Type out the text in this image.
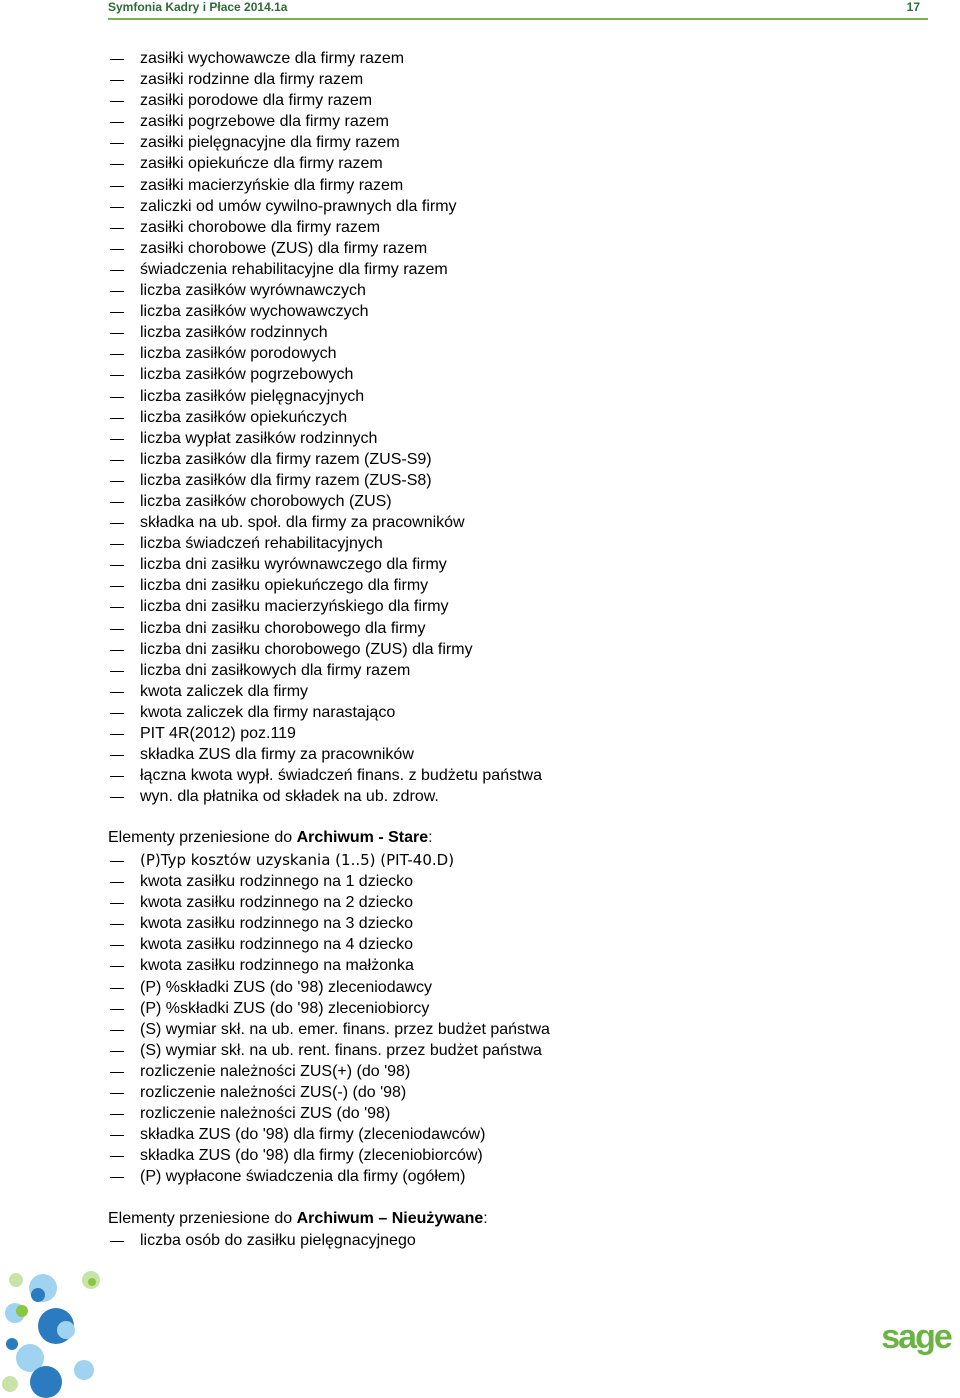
Symfonia Kadry i Płace 2014.1a	17
zasiłki wychowawcze dla firmy razem
zasiłki rodzinne dla firmy razem
zasiłki porodowe dla firmy razem
zasiłki pogrzebowe dla firmy razem
zasiłki pielęgnacyjne dla firmy razem
zasiłki opiekuńcze dla firmy razem
zasiłki macierzyńskie dla firmy razem
zaliczki od umów cywilno-prawnych dla firmy
zasiłki chorobowe dla firmy razem
zasiłki chorobowe (ZUS) dla firmy razem
świadczenia rehabilitacyjne dla firmy razem
liczba zasiłków wyrównawczych
liczba zasiłków wychowawczych
liczba zasiłków rodzinnych
liczba zasiłków porodowych
liczba zasiłków pogrzebowych
liczba zasiłków pielęgnacyjnych
liczba zasiłków opiekuńczych
liczba wypłat zasiłków rodzinnych
liczba zasiłków dla firmy razem (ZUS-S9)
liczba zasiłków dla firmy razem (ZUS-S8)
liczba zasiłków chorobowych (ZUS)
składka na ub. społ. dla firmy za pracowników
liczba świadczeń rehabilitacyjnych
liczba dni zasiłku wyrównawczego dla firmy
liczba dni zasiłku opiekuńczego dla firmy
liczba dni zasiłku macierzyńskiego dla firmy
liczba dni zasiłku chorobowego dla firmy
liczba dni zasiłku chorobowego (ZUS) dla firmy
liczba dni zasiłkowych dla firmy razem
kwota zaliczek dla firmy
kwota zaliczek dla firmy narastająco
PIT 4R(2012) poz.119
składka ZUS dla firmy za pracowników
łączna kwota wypł. świadczeń finans. z budżetu państwa
wyn. dla płatnika od składek na ub. zdrow.
Elementy przeniesione do Archiwum - Stare:
(P)Typ kosztów uzyskania (1..5) (PIT-40.D)
kwota zasiłku rodzinnego na 1 dziecko
kwota zasiłku rodzinnego na 2 dziecko
kwota zasiłku rodzinnego na 3 dziecko
kwota zasiłku rodzinnego na 4 dziecko
kwota zasiłku rodzinnego na małżonka
(P) %składki ZUS (do '98) zleceniodawcy
(P) %składki ZUS (do '98) zleceniobiorcy
(S) wymiar skł. na ub. emer. finans. przez budżet państwa
(S) wymiar skł. na ub. rent. finans. przez budżet państwa
rozliczenie należności ZUS(+) (do '98)
rozliczenie należności ZUS(-) (do '98)
rozliczenie należności ZUS (do '98)
składka ZUS (do '98) dla firmy (zleceniodawców)
składka ZUS (do '98) dla firmy (zleceniobiorców)
(P) wypłacone świadczenia dla firmy (ogółem)
Elementy przeniesione do Archiwum – Nieużywane:
liczba osób do zasiłku pielęgnacyjnego
sage
